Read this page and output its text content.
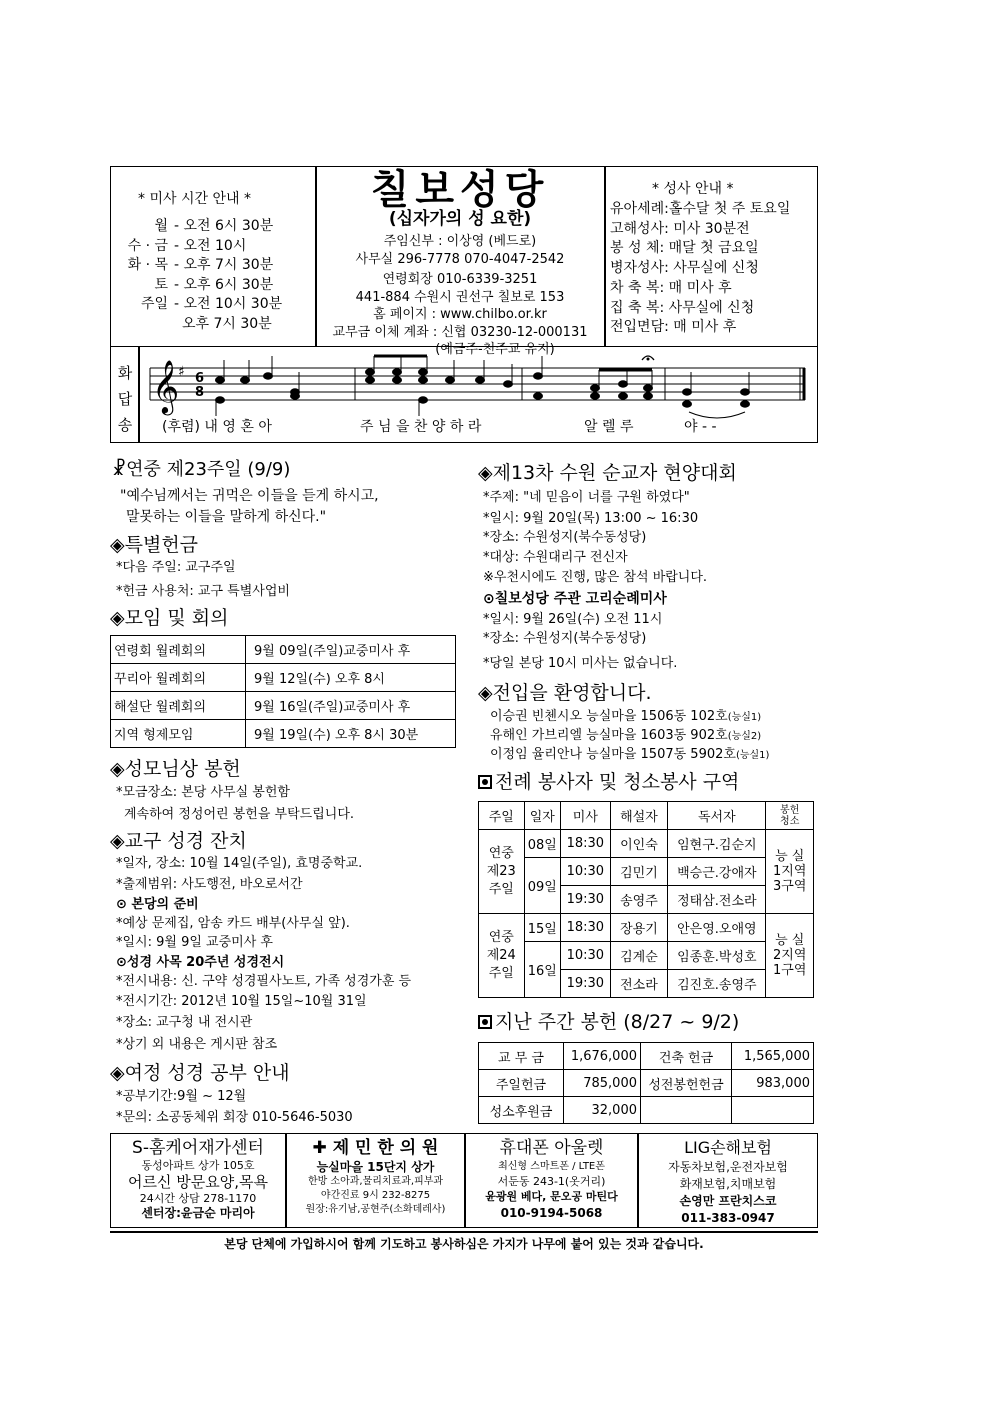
* 미사 시간 안내 *
월 - 오전 6시 30분
수 · 금 - 오전 10시
화 · 목 - 오후 7시 30분
토 - 오후 6시 30분
주일 - 오전 10시 30분
오후 7시 30분
칠보성당
(십자가의 성 요한)
주임신부 : 이상영 (베드로)
사무실 296-7778 070-4047-2542
연령회장 010-6339-3251
441-884 수원시 권선구 칠보로 153
홈 페이지 : www.chilbo.or.kr
교무금 이체 계좌 : 신협 03230-12-000131
(예금주-천주교 유지)
* 성사 안내 *
유아세례:홀수달 첫 주 토요일
고해성사: 미사 30분전
봉 성 체: 매달 첫 금요일
병자성사: 사무실에 신청
차 축 복: 매 미사 후
집 축 복: 사무실에 신청
전입면담: 매 미사 후
화
답
송
𝄞
♯ 6
8
(후렴) 내 영 혼 아	주 님 을 찬 양 하 라	알 렐 루	야 - -
☧연중 제23주일 (9/9)
"예수님께서는 귀먹은 이들을 듣게 하시고,
말못하는 이들을 말하게 하신다."
◈특별헌금
*다음 주일: 교구주일
*헌금 사용처: 교구 특별사업비
◈모임 및 회의
연령회 월례회의	9월 09일(주일)교중미사 후
꾸리아 월례회의	9월 12일(수) 오후 8시
해설단 월례회의	9월 16일(주일)교중미사 후
지역 형제모임	9월 19일(수) 오후 8시 30분
◈성모님상 봉헌
*모금장소: 본당 사무실 봉헌함
계속하여 정성어린 봉헌을 부탁드립니다.
◈교구 성경 잔치
*일자, 장소: 10월 14일(주일), 효명중학교.
*출제범위: 사도행전, 바오로서간
⊙ 본당의 준비
*예상 문제집, 암송 카드 배부(사무실 앞).
*일시: 9월 9일 교중미사 후
⊙성경 사목 20주년 성경전시
*전시내용: 신. 구약 성경필사노트, 가족 성경가훈 등
*전시기간: 2012년 10월 15일~10월 31일
*장소: 교구청 내 전시관
*상기 외 내용은 게시판 참조
◈여정 성경 공부 안내
*공부기간:9월 ~ 12월
*문의: 소공동체위 회장 010-5646-5030
◈제13차 수원 순교자 현양대회
*주제: "네 믿음이 너를 구원 하였다"
*일시: 9월 20일(목) 13:00 ~ 16:30
*장소: 수원성지(북수동성당)
*대상: 수원대리구 전신자
※우천시에도 진행, 많은 참석 바랍니다.
⊙칠보성당 주관 고리순례미사
*일시: 9월 26일(수) 오전 11시
*장소: 수원성지(북수동성당)
*당일 본당 10시 미사는 없습니다.
◈전입을 환영합니다.
이승권 빈첸시오 능실마을 1506동 102호(능실1)
유해인 가브리엘 능실마을 1603동 902호(능실2)
이정임 율리안나 능실마을 1507동 5902호(능실1)
전례 봉사자 및 청소봉사 구역
주일	일자	미사	해설자	독서자	봉헌
청소
연중
제23
주일	08일	18:30	이인숙	임현구.김순지	능 실
1지역
3구역
	09일	10:30	김민기	백승근.강애자	
		19:30	송영주	정태삼.전소라	
연중
제24
주일	15일	18:30	장용기	안은영.오애영	능 실
2지역
1구역
	16일	10:30	김계순	임종훈.박성호	
		19:30	전소라	김진호.송영주	
지난 주간 봉헌 (8/27 ~ 9/2)
교 무 금	1,676,000	건축 헌금	1,565,000
주일헌금	785,000	성전봉헌헌금	983,000
성소후원금	32,000		
S-홈케어재가센터
동성아파트 상가 105호
어르신 방문요양,목욕
24시간 상담 278-1170
센터장:윤금순 마리아
✚ 제 민 한 의 원
능실마을 15단지 상가
한방 소아과,물리치료과,피부과
야간진료 9시 232-8275
원장:유기남,공현주(소화데레사)
휴대폰 아울렛
최신형 스마트폰 / LTE폰
서둔동 243-1(옷거리)
윤광원 베다, 문오공 마틴다
010-9194-5068
LIG손해보험
자동차보험,운전자보험
화재보험,치매보험
손영만 프란치스코
011-383-0947
본당 단체에 가입하시어 함께 기도하고 봉사하심은 가지가 나무에 붙어 있는 것과 같습니다.
